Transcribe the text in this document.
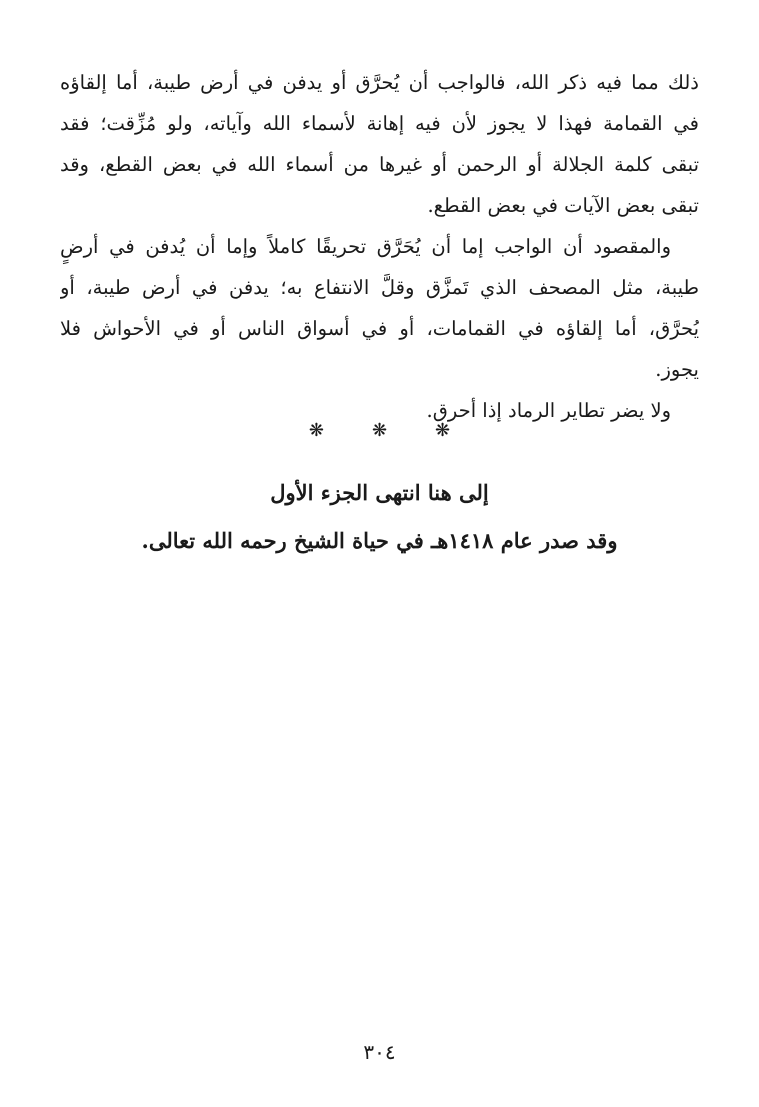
ذلك مما فيه ذكر الله، فالواجب أن يُحرَّق أو يدفن في أرض طيبة، أما إلقاؤه
في القمامة فهذا لا يجوز لأن فيه إهانة لأسماء الله وآياته، ولو مُزِّقت؛ فقد
تبقى كلمة الجلالة أو الرحمن أو غيرها من أسماء الله في بعض القطع، وقد
تبقى بعض الآيات في بعض القطع.
والمقصود أن الواجب إما أن يُحَرَّق تحريقًا كاملاً وإما أن يُدفن في أرضٍ
طيبة، مثل المصحف الذي تَمزَّق وقلَّ الانتفاع به؛ يدفن في أرض طيبة، أو
يُحرَّق، أما إلقاؤه في القمامات، أو في أسواق الناس أو في الأحواش فلا
يجوز.
ولا يضر تطاير الرماد إذا أحرق.
❋
❋
❋
إلى هنا انتهى الجزء الأول
وقد صدر عام ١٤١٨هـ في حياة الشيخ رحمه الله تعالى.
٣٠٤
